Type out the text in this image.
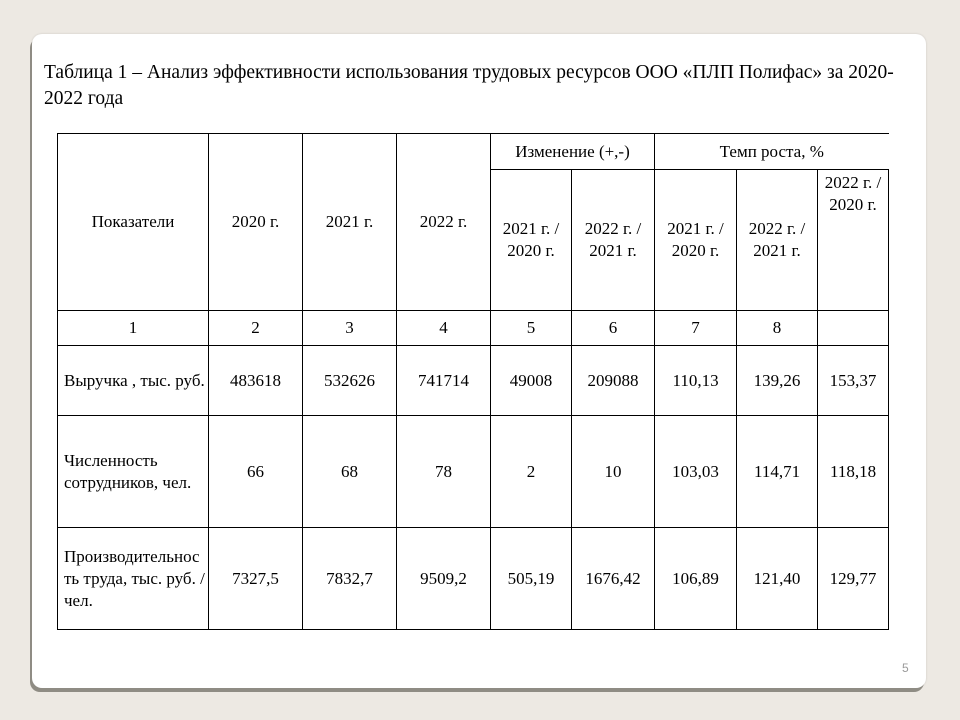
Таблица 1 – Анализ эффективности использования трудовых ресурсов ООО «ПЛП Полифас» за 2020-2022 года
Показатели	2020 г.	2021 г.	2022 г.	Изменение (+,-)		Темп роста, %		

				2021 г. / 2020 г.	2022 г. / 2021 г.	2021 г. / 2020 г.	2022 г. / 2021 г.	2022 г. / 2020 г.

1	2	3	4	5	6	7	8	
Выручка , тыс. руб.	483618	532626	741714	49008	209088	110,13	139,26	153,37
Численность сотрудников, чел.	66	68	78	2	10	103,03	114,71	118,18
Производительность труда, тыс. руб. / чел.	7327,5	7832,7	9509,2	505,19	1676,42	106,89	121,40	129,77
5
